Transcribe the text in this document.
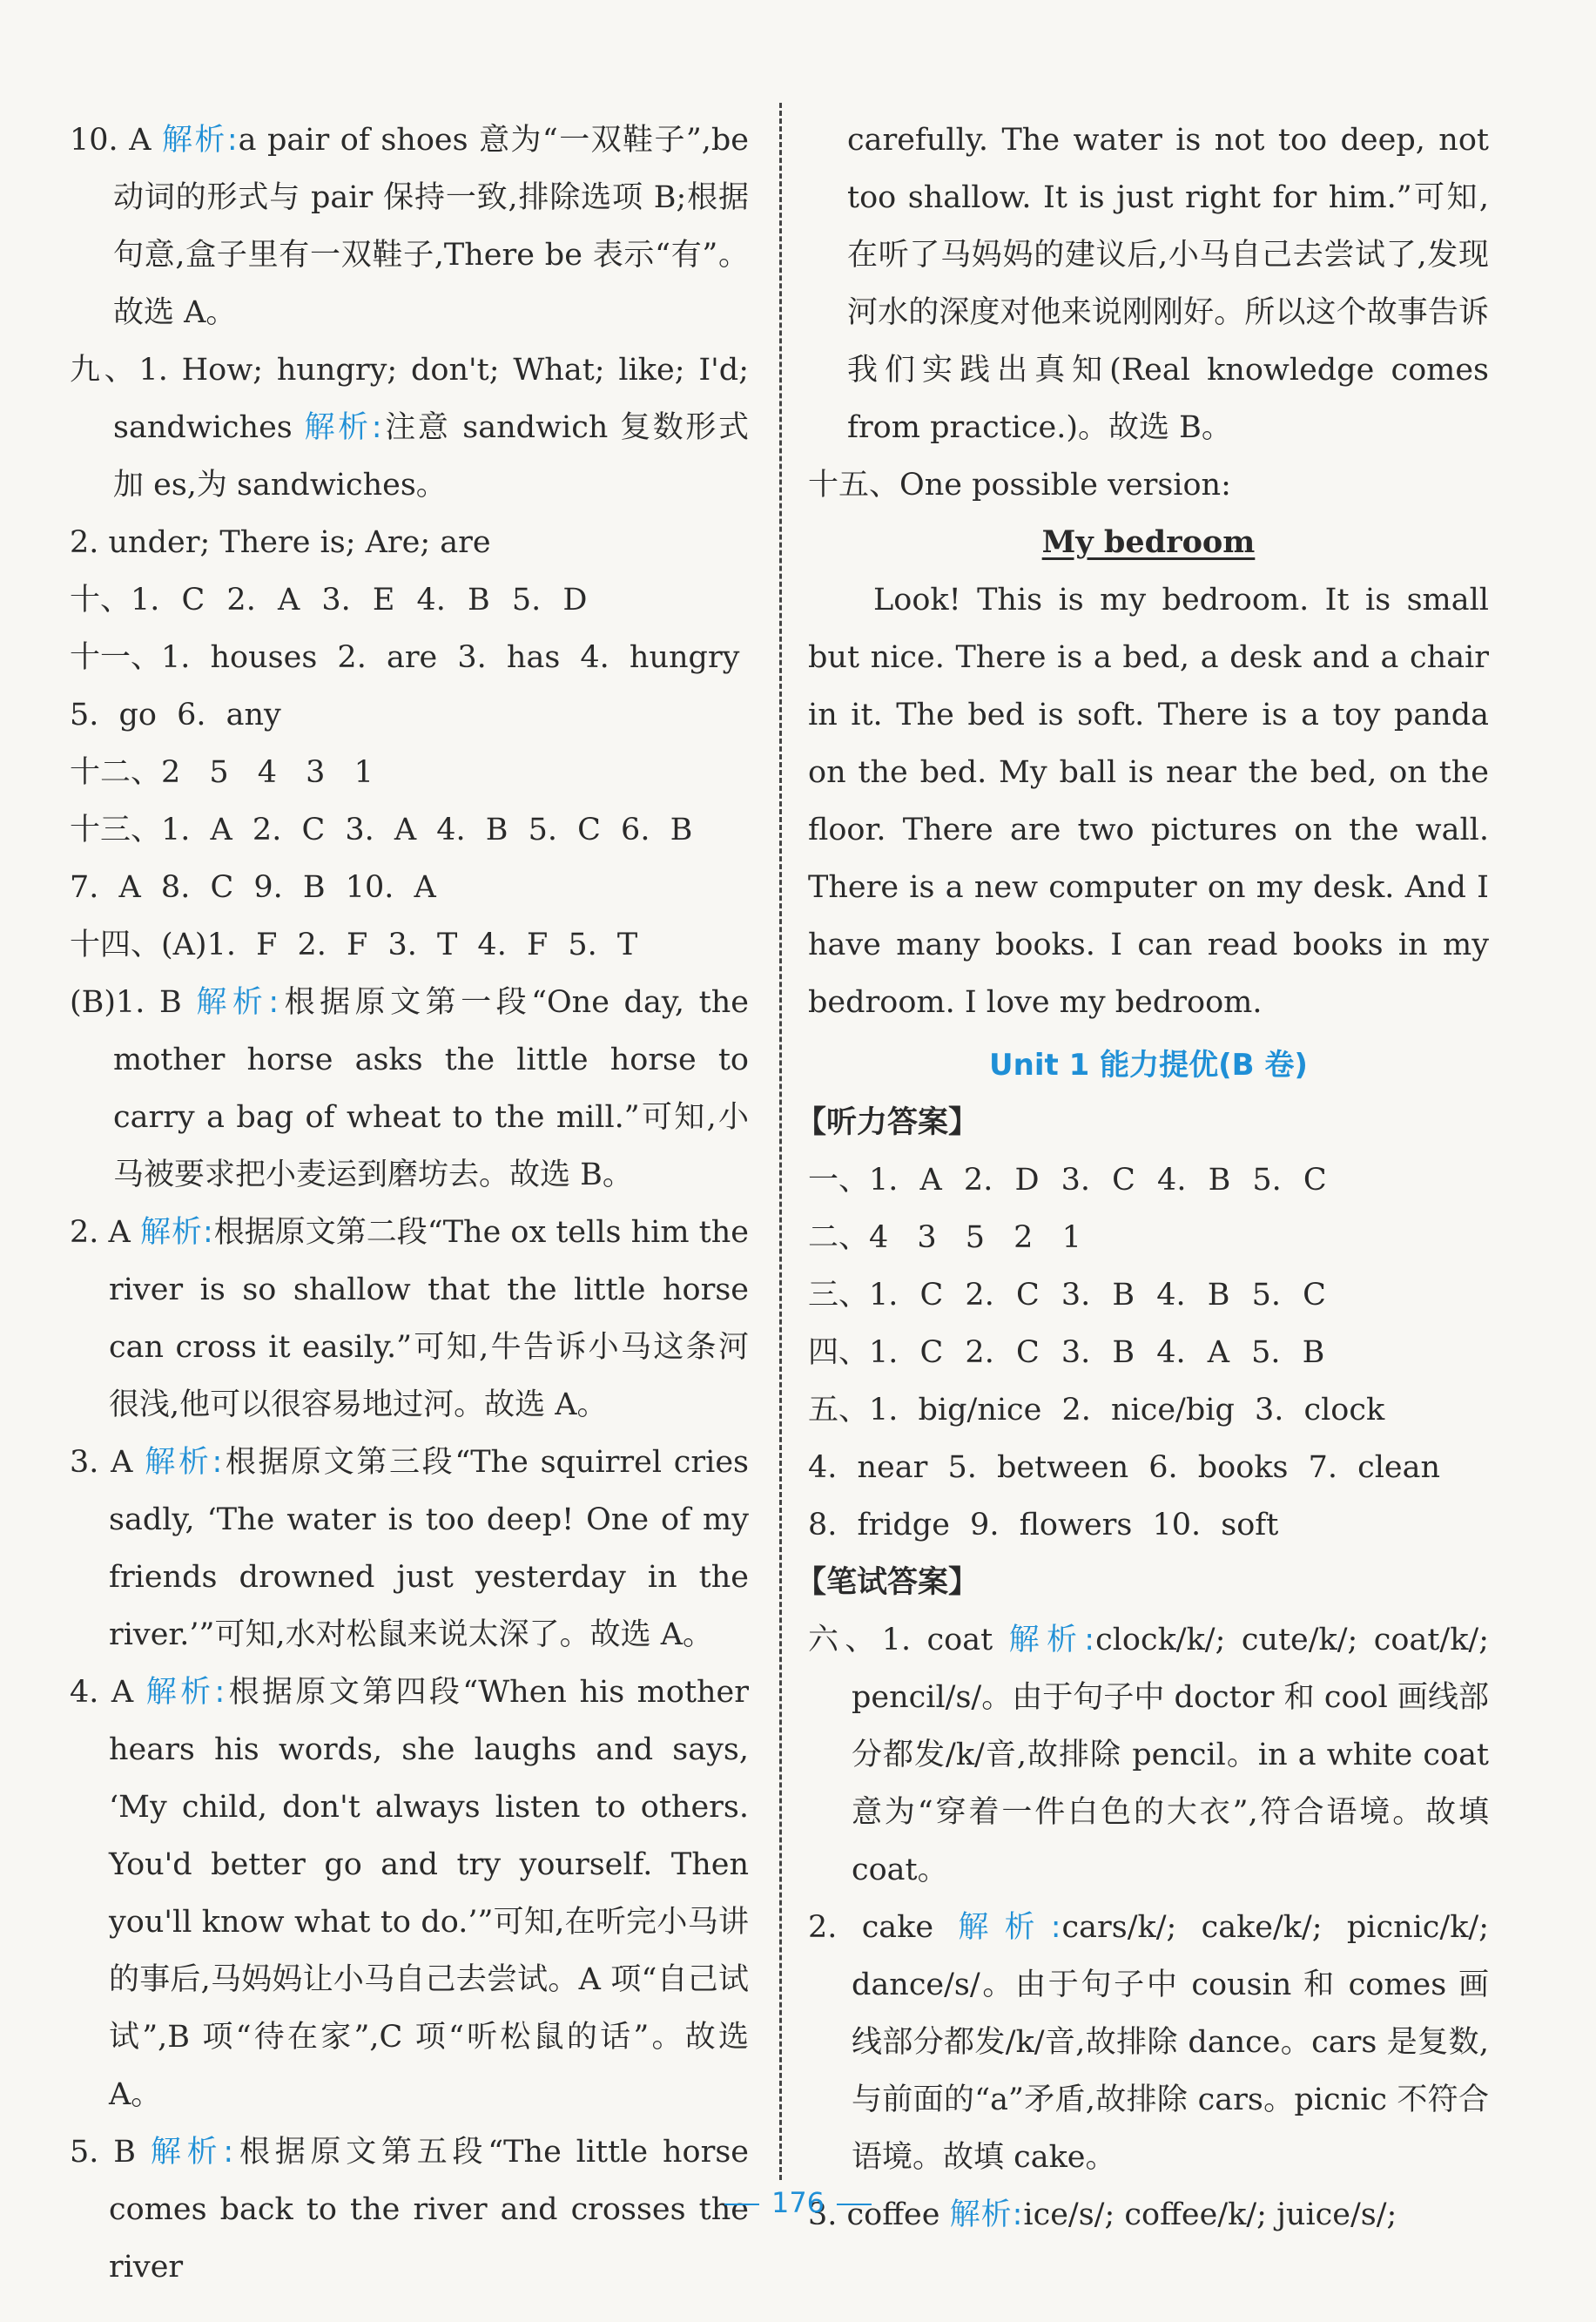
10. A 解析:a pair of shoes 意为“一双鞋子”,be 动词的形式与 pair 保持一致,排除选项 B;根据句意,盒子里有一双鞋子,There be 表示“有”。故选 A。

九、1. How; hungry; don't; What; like; I'd; sandwiches 解析:注意 sandwich 复数形式加 es,为 sandwiches。

2. under; There is; Are; are

十、1. C 2. A 3. E 4. B 5. D

十一、1. houses 2. are 3. has 4. hungry

5. go 6. any

十二、2 5 4 3 1

十三、1. A 2. C 3. A 4. B 5. C 6. B

7. A 8. C 9. B 10. A

十四、(A)1. F 2. F 3. T 4. F 5. T

(B)1. B 解析:根据原文第一段“One day, the mother horse asks the little horse to carry a bag of wheat to the mill.”可知,小马被要求把小麦运到磨坊去。故选 B。

2. A 解析:根据原文第二段“The ox tells him the river is so shallow that the little horse can cross it easily.”可知,牛告诉小马这条河很浅,他可以很容易地过河。故选 A。

3. A 解析:根据原文第三段“The squirrel cries sadly, ‘The water is too deep! One of my friends drowned just yesterday in the river.’”可知,水对松鼠来说太深了。故选 A。

4. A 解析:根据原文第四段“When his mother hears his words, she laughs and says, ‘My child, don't always listen to others. You'd better go and try yourself. Then you'll know what to do.’”可知,在听完小马讲的事后,马妈妈让小马自己去尝试。A 项“自己试试”,B 项“待在家”,C 项“听松鼠的话”。故选 A。

5. B 解析:根据原文第五段“The little horse comes back to the river and crosses the river

carefully. The water is not too deep, not too shallow. It is just right for him.”可知,在听了马妈妈的建议后,小马自己去尝试了,发现河水的深度对他来说刚刚好。所以这个故事告诉我们实践出真知(Real knowledge comes from practice.)。故选 B。

十五、One possible version:

My bedroom

Look! This is my bedroom. It is small but nice. There is a bed, a desk and a chair in it. The bed is soft. There is a toy panda on the bed. My ball is near the bed, on the floor. There are two pictures on the wall. There is a new computer on my desk. And I have many books. I can read books in my bedroom. I love my bedroom.

Unit 1 能力提优(B 卷)

【听力答案】

一、1. A 2. D 3. C 4. B 5. C

二、4 3 5 2 1

三、1. C 2. C 3. B 4. B 5. C

四、1. C 2. C 3. B 4. A 5. B

五、1. big/nice 2. nice/big 3. clock

4. near 5. between 6. books 7. clean

8. fridge 9. flowers 10. soft

【笔试答案】

六、1. coat 解析:clock/k/; cute/k/; coat/k/; pencil/s/。由于句子中 doctor 和 cool 画线部分都发/k/音,故排除 pencil。in a white coat 意为“穿着一件白色的大衣”,符合语境。故填 coat。

2. cake 解析:cars/k/; cake/k/; picnic/k/; dance/s/。由于句子中 cousin 和 comes 画线部分都发/k/音,故排除 dance。cars 是复数,与前面的“a”矛盾,故排除 cars。picnic 不符合语境。故填 cake。

3. coffee 解析:ice/s/; coffee/k/; juice/s/;

176
